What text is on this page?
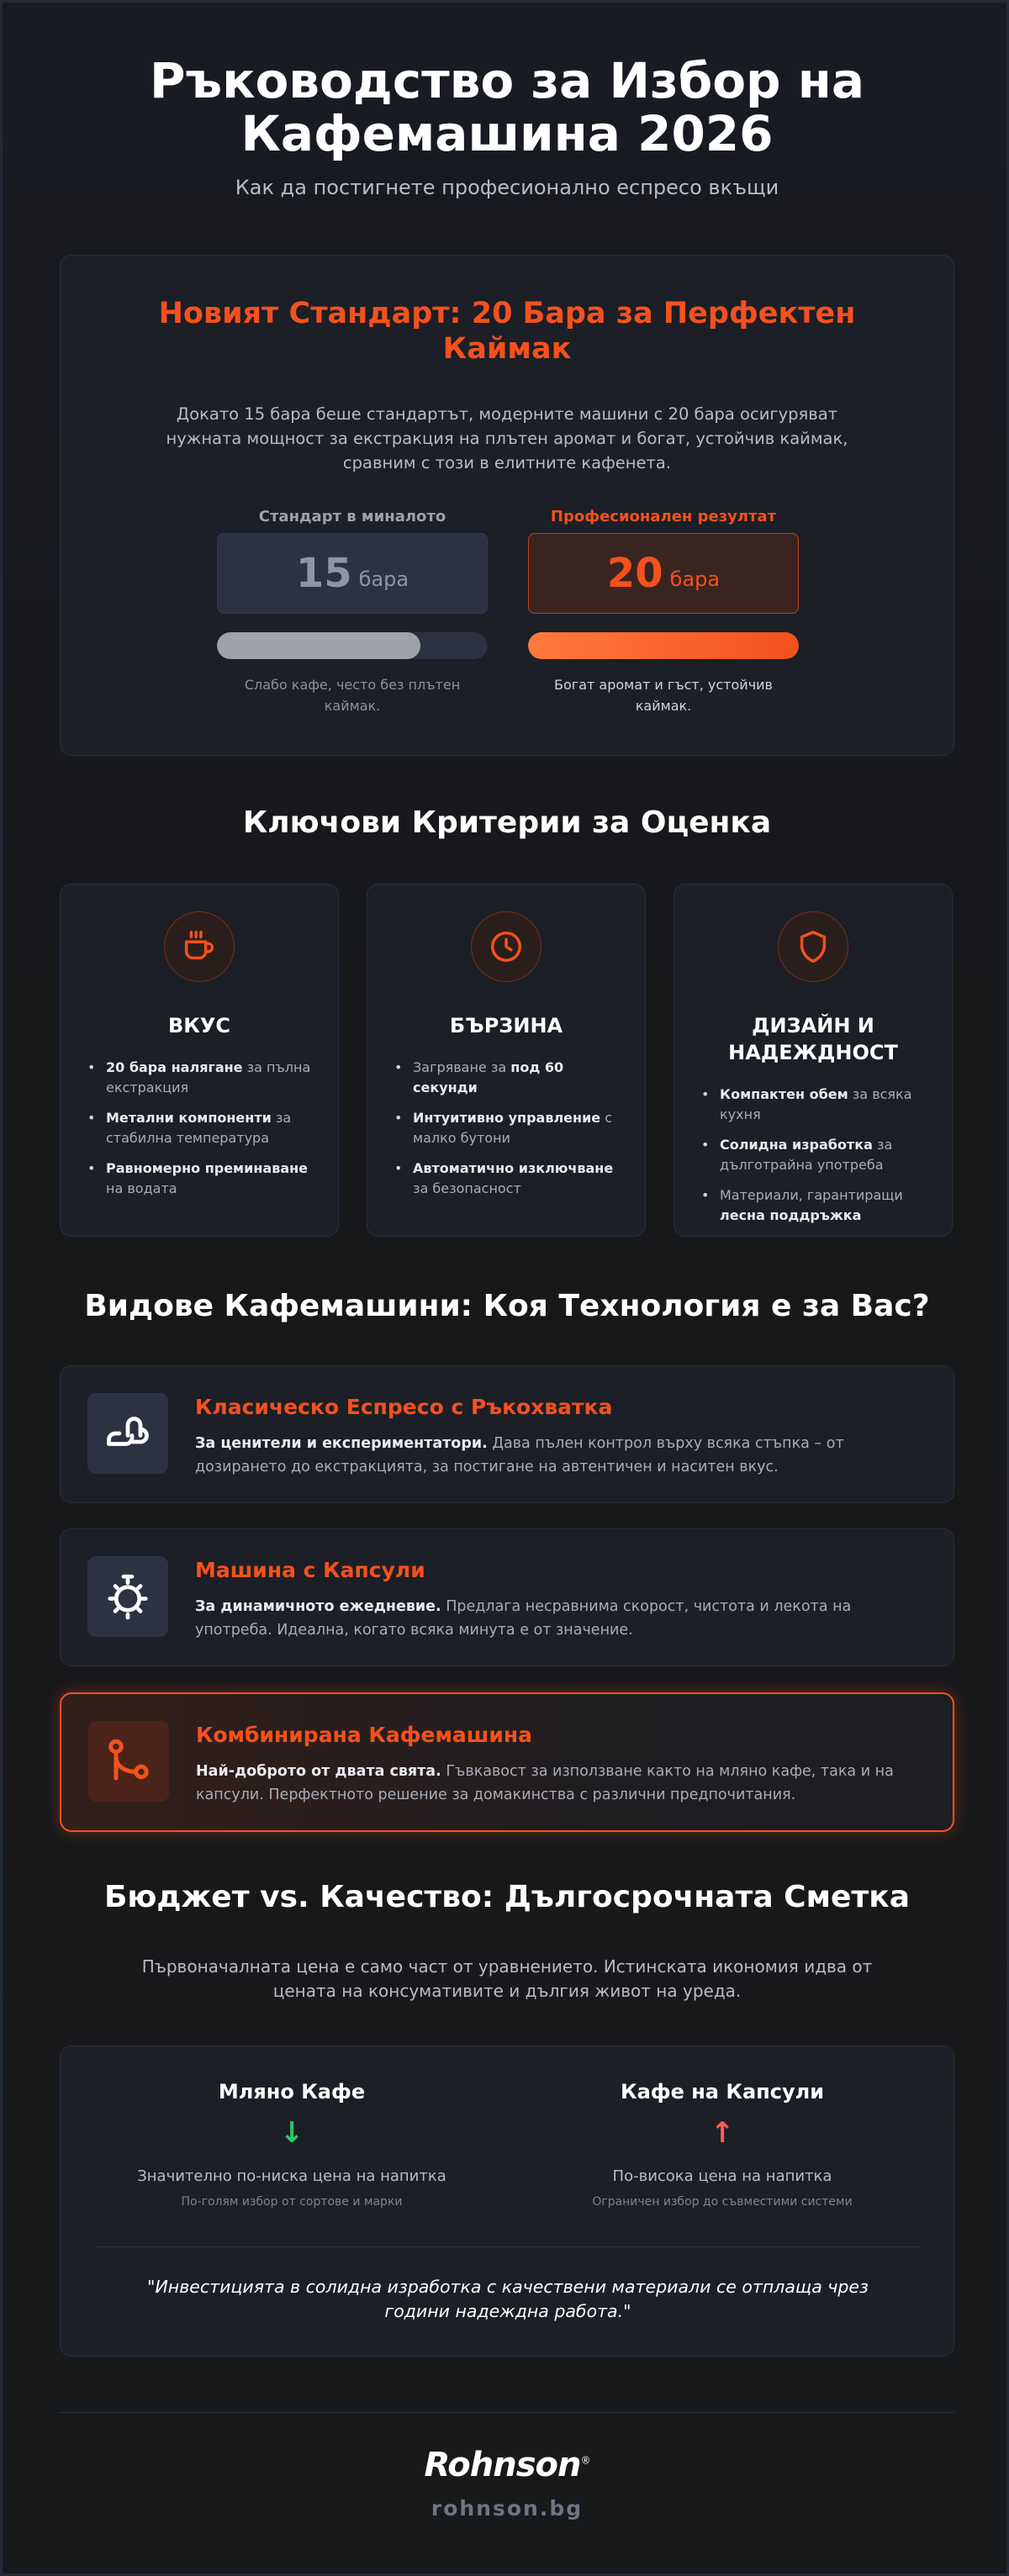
Ръководство за Избор на
Кафемашина 2026
Как да постигнете професионално еспресо вкъщи
Новият Стандарт: 20 Бара за Перфектен Каймак
Докато 15 бара беше стандартът, модерните машини с 20 бара осигуряват нужната мощност за екстракция на плътен аромат и богат, устойчив каймак, сравним с този в елитните кафенета.
Стандарт в миналото
15 бара
Слабо кафе, често без плътен каймак.
Професионален резултат
20 бара
Богат аромат и гъст, устойчив каймак.
Ключови Критерии за Оценка
ВКУС
• 20 бара налягане за пълна екстракция
• Метални компоненти за стабилна температура
• Равномерно преминаване на водата
БЪРЗИНА
• Загряване за под 60 секунди
• Интуитивно управление с малко бутони
• Автоматично изключване за безопасност
ДИЗАЙН И НАДЕЖДНОСТ
• Компактен обем за всяка кухня
• Солидна изработка за дълготрайна употреба
• Материали, гарантиращи лесна поддръжка
Видове Кафемашини: Коя Технология е за Вас?
Класическо Еспресо с Ръкохватка
За ценители и експериментатори. Дава пълен контрол върху всяка стъпка – от дозирането до екстракцията, за постигане на автентичен и наситен вкус.
Машина с Капсули
За динамичното ежедневие. Предлага несравнима скорост, чистота и лекота на употреба. Идеална, когато всяка минута е от значение.
Комбинирана Кафемашина
Най-доброто от двата свята. Гъвкавост за използване както на мляно кафе, така и на капсули. Перфектното решение за домакинства с различни предпочитания.
Бюджет vs. Качество: Дългосрочната Сметка

Първоначалната цена е само част от уравнението. Истинската икономия идва от цената на консумативите и дългия живот на уреда.

Мляно Кафе
↓
Значително по-ниска цена на напитка
По-голям избор от сортове и марки
Кафе на Капсули
↑
По-висока цена на напитка
Ограничен избор до съвместими системи
"Инвестицията в солидна изработка с качествени материали се отплаща чрез години надеждна работа."
Rohnson®
rohnson.bg
